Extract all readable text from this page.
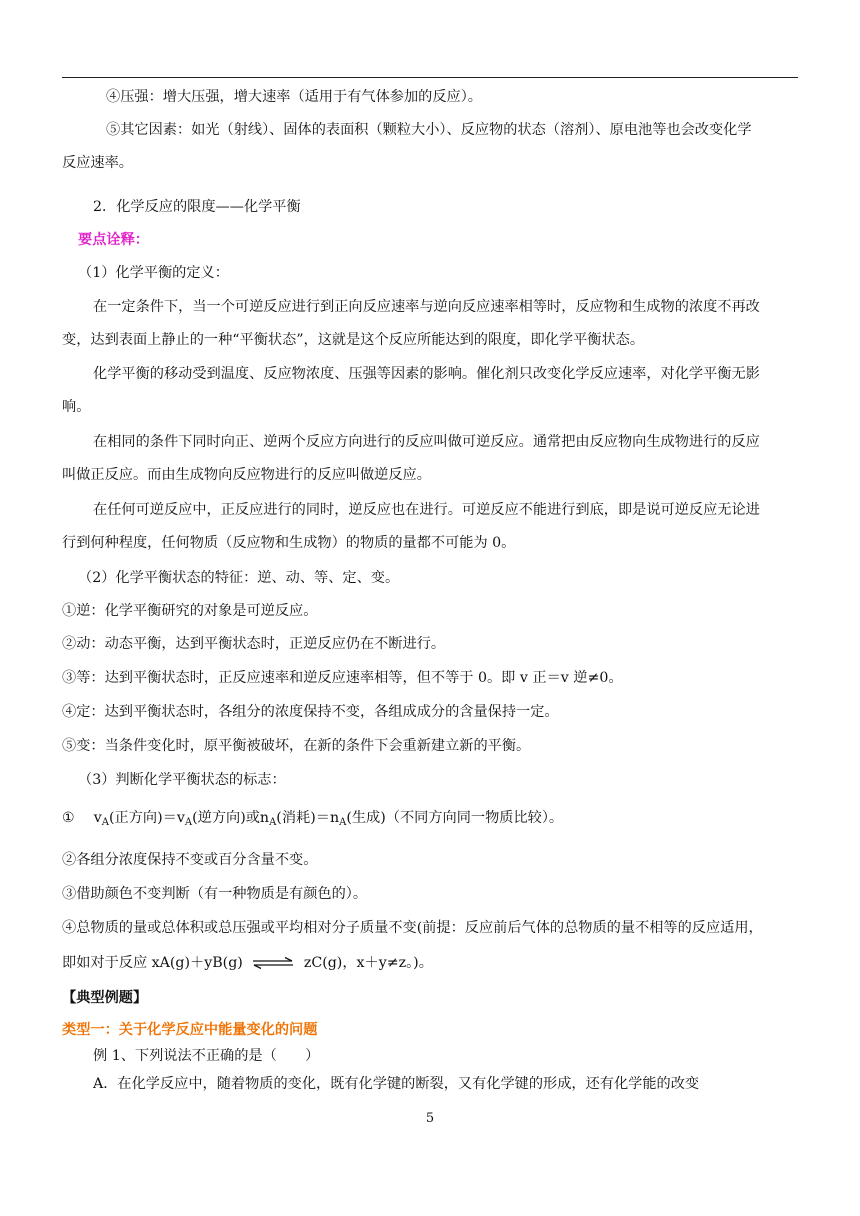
④压强：增大压强，增大速率（适用于有气体参加的反应）。
⑤其它因素：如光（射线）、固体的表面积（颗粒大小）、反应物的状态（溶剂）、原电池等也会改变化学
反应速率。
2．化学反应的限度——化学平衡
要点诠释：
（1）化学平衡的定义：
在一定条件下，当一个可逆反应进行到正向反应速率与逆向反应速率相等时，反应物和生成物的浓度不再改
变，达到表面上静止的一种“平衡状态”，这就是这个反应所能达到的限度，即化学平衡状态。
化学平衡的移动受到温度、反应物浓度、压强等因素的影响。催化剂只改变化学反应速率，对化学平衡无影
响。
在相同的条件下同时向正、逆两个反应方向进行的反应叫做可逆反应。通常把由反应物向生成物进行的反应
叫做正反应。而由生成物向反应物进行的反应叫做逆反应。
在任何可逆反应中，正反应进行的同时，逆反应也在进行。可逆反应不能进行到底，即是说可逆反应无论进
行到何种程度，任何物质（反应物和生成物）的物质的量都不可能为 0。
（2）化学平衡状态的特征：逆、动、等、定、变。
①逆：化学平衡研究的对象是可逆反应。
②动：动态平衡，达到平衡状态时，正逆反应仍在不断进行。
③等：达到平衡状态时，正反应速率和逆反应速率相等，但不等于 0。即 v 正＝v 逆≠0。
④定：达到平衡状态时，各组分的浓度保持不变，各组成成分的含量保持一定。
⑤变：当条件变化时，原平衡被破坏，在新的条件下会重新建立新的平衡。
（3）判断化学平衡状态的标志：
① $v_A$(正方向)$=v_A$(逆方向)或$n_A$(消耗)$=n_A$(生成)（不同方向同一物质比较）。
②各组分浓度保持不变或百分含量不变。
③借助颜色不变判断（有一种物质是有颜色的）。
④总物质的量或总体积或总压强或平均相对分子质量不变(前提：反应前后气体的总物质的量不相等的反应适用，
即如对于反应 xA(g)＋yB(g) ⇌ zC(g)，x＋y≠z。)。
【典型例题】
类型一：关于化学反应中能量变化的问题
例 1、下列说法不正确的是（　　）
A．在化学反应中，随着物质的变化，既有化学键的断裂，又有化学键的形成，还有化学能的改变
5
